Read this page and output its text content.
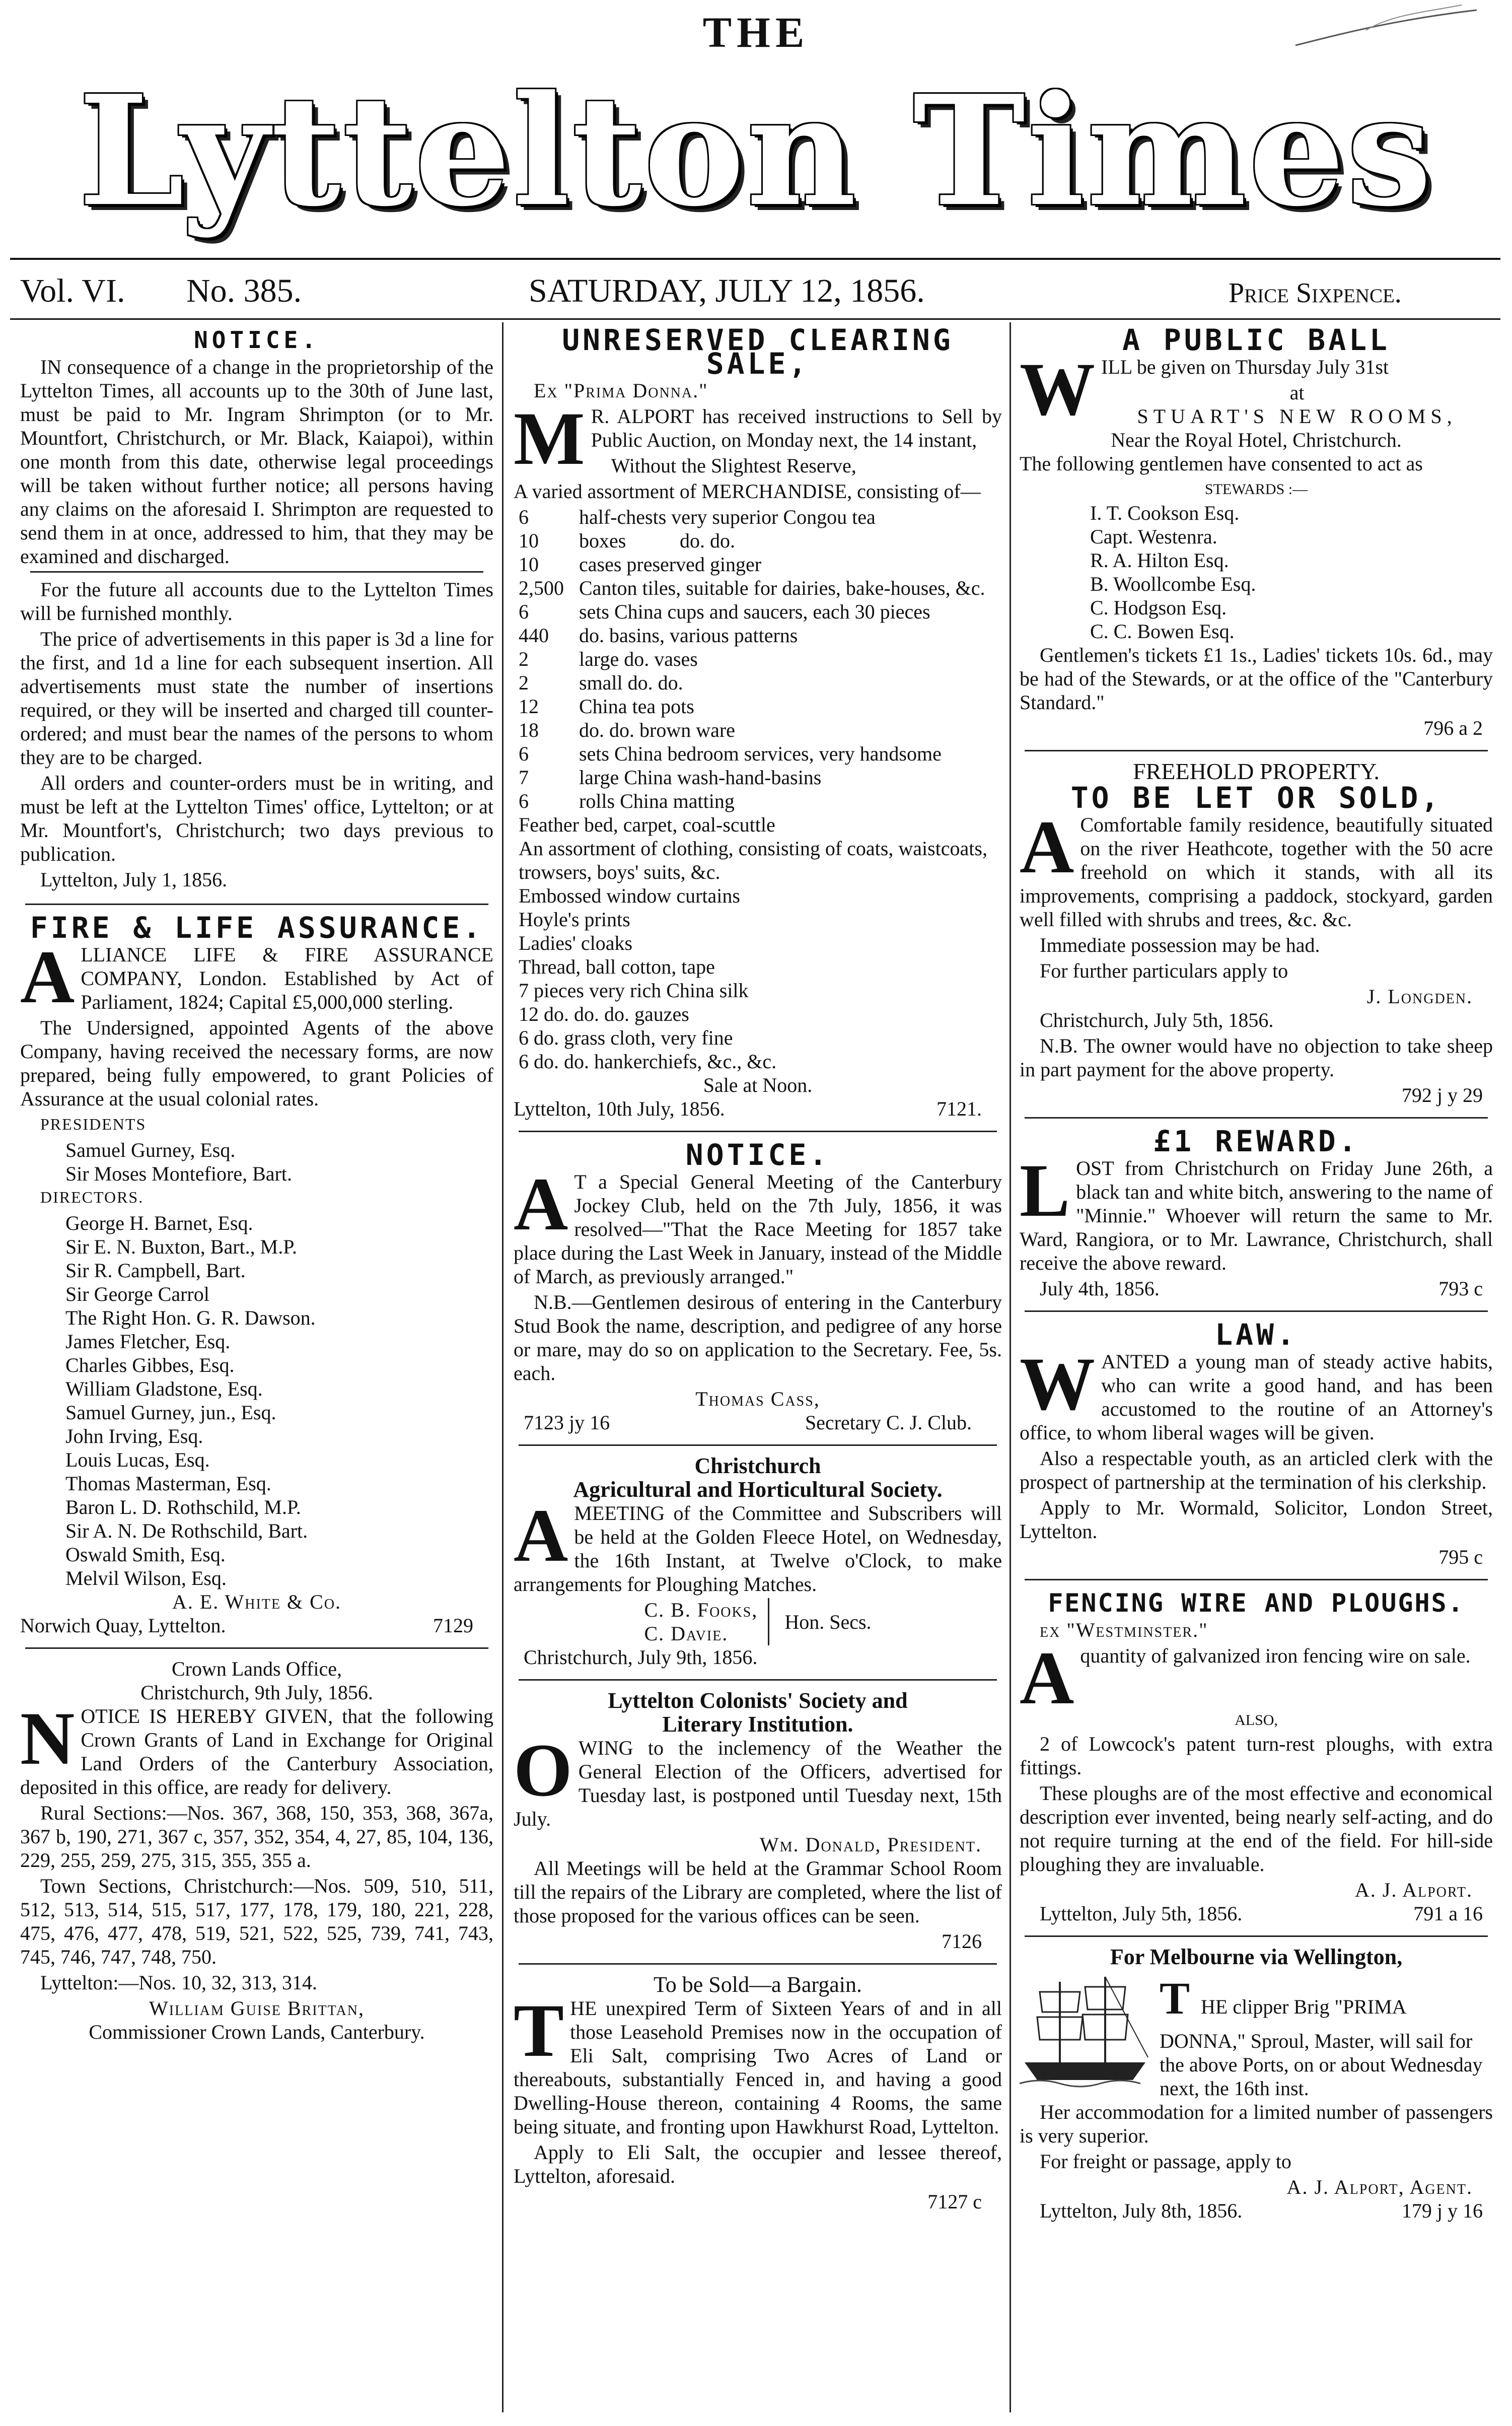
THE
Lyttelton Times
Vol. VI. No. 385.	SATURDAY, JULY 12, 1856.	Price Sixpence.
NOTICE.

IN consequence of a change in the proprietorship of the Lyttelton Times, all accounts up to the 30th of June last, must be paid to Mr. Ingram Shrimpton (or to Mr. Mountfort, Christchurch, or Mr. Black, Kaiapoi), within one month from this date, otherwise legal proceedings will be taken without further notice; all persons having any claims on the aforesaid I. Shrimpton are requested to send them in at once, addressed to him, that they may be examined and discharged.

For the future all accounts due to the Lyttelton Times will be furnished monthly.

The price of advertisements in this paper is 3d a line for the first, and 1d a line for each subsequent insertion. All advertisements must state the number of insertions required, or they will be inserted and charged till counter-ordered; and must bear the names of the persons to whom they are to be charged.

All orders and counter-orders must be in writing, and must be left at the Lyttelton Times' office, Lyttelton; or at Mr. Mountfort's, Christchurch; two days previous to publication.

Lyttelton, July 1, 1856.

FIRE & LIFE ASSURANCE.
A LLIANCE LIFE & FIRE ASSURANCE COMPANY, London. Established by Act of Parliament, 1824; Capital £5,000,000 sterling.

The Undersigned, appointed Agents of the above Company, having received the necessary forms, are now prepared, being fully empowered, to grant Policies of Assurance at the usual colonial rates.

PRESIDENTS

Samuel Gurney, Esq.
Sir Moses Montefiore, Bart.

DIRECTORS.

George H. Barnet, Esq.
Sir E. N. Buxton, Bart., M.P.
Sir R. Campbell, Bart.
Sir George Carrol
The Right Hon. G. R. Dawson.
James Fletcher, Esq.
Charles Gibbes, Esq.
William Gladstone, Esq.
Samuel Gurney, jun., Esq.
John Irving, Esq.
Louis Lucas, Esq.
Thomas Masterman, Esq.
Baron L. D. Rothschild, M.P.
Sir A. N. De Rothschild, Bart.
Oswald Smith, Esq.
Melvil Wilson, Esq.
A. E. White & Co.
Norwich Quay, Lyttelton.	7129
Crown Lands Office,
Christchurch, 9th July, 1856.
N OTICE IS HEREBY GIVEN, that the following Crown Grants of Land in Exchange for Original Land Orders of the Canterbury Association, deposited in this office, are ready for delivery.

Rural Sections:—Nos. 367, 368, 150, 353, 368, 367a, 367 b, 190, 271, 367 c, 357, 352, 354, 4, 27, 85, 104, 136, 229, 255, 259, 275, 315, 355, 355 a.

Town Sections, Christchurch:—Nos. 509, 510, 511, 512, 513, 514, 515, 517, 177, 178, 179, 180, 221, 228, 475, 476, 477, 478, 519, 521, 522, 525, 739, 741, 743, 745, 746, 747, 748, 750.

Lyttelton:—Nos. 10, 32, 313, 314.

William Guise Brittan,
Commissioner Crown Lands, Canterbury.
UNRESERVED CLEARING SALE,

Ex "Prima Donna."

M R. ALPORT has received instructions to Sell by Public Auction, on Monday next, the 14 instant,

Without the Slightest Reserve,

A varied assortment of MERCHANDISE, consisting of—

6	half-chests very superior Congou tea
10	boxes	do. do.
10	cases preserved ginger
2,500 Canton tiles, suitable for dairies, bake-houses, &c.
6	sets China cups and saucers, each 30 pieces
440	do. basins, various patterns
2	large do. vases
2	small do. do.
12	China tea pots
18	do. do. brown ware
6	sets China bedroom services, very handsome
7	large China wash-hand-basins
6	rolls China matting
Feather bed, carpet, coal-scuttle
An assortment of clothing, consisting of coats, waistcoats, trowsers, boys' suits, &c.
Embossed window curtains
Hoyle's prints
Ladies' cloaks
Thread, ball cotton, tape
7 pieces very rich China silk
12 do. do. do. gauzes
6 do. grass cloth, very fine
6 do. do. hankerchiefs, &c., &c.
Sale at Noon.
Lyttelton, 10th July, 1856.	7121.
NOTICE.
A T a Special General Meeting of the Canterbury Jockey Club, held on the 7th July, 1856, it was resolved—"That the Race Meeting for 1857 take place during the Last Week in January, instead of the Middle of March, as previously arranged."

N.B.—Gentlemen desirous of entering in the Canterbury Stud Book the name, description, and pedigree of any horse or mare, may do so on application to the Secretary. Fee, 5s. each.

Thomas Cass,
7123 jy 16	Secretary C. J. Club.
Christchurch
Agricultural and Horticultural Society.
A MEETING of the Committee and Subscribers will be held at the Golden Fleece Hotel, on Wednesday, the 16th Instant, at Twelve o'Clock, to make arrangements for Ploughing Matches.

C. B. Fooks,
C. Davie.
Hon. Secs.
Christchurch, July 9th, 1856.
Lyttelton Colonists' Society and
Literary Institution.
O WING to the inclemency of the Weather the General Election of the Officers, advertised for Tuesday last, is postponed until Tuesday next, 15th July.

Wm. Donald, President.

All Meetings will be held at the Grammar School Room till the repairs of the Library are completed, where the list of those proposed for the various offices can be seen.

7126
To be Sold—a Bargain.
T HE unexpired Term of Sixteen Years of and in all those Leasehold Premises now in the occupation of Eli Salt, comprising Two Acres of Land or thereabouts, substantially Fenced in, and having a good Dwelling-House thereon, containing 4 Rooms, the same being situate, and fronting upon Hawkhurst Road, Lyttelton.

Apply to Eli Salt, the occupier and lessee thereof, Lyttelton, aforesaid.

7127 c
A PUBLIC BALL
W ILL be given on Thursday July 31st

at
STUART'S NEW ROOMS,
Near the Royal Hotel, Christchurch.

The following gentlemen have consented to act as

STEWARDS :—
I. T. Cookson Esq.
Capt. Westenra.
R. A. Hilton Esq.
B. Woollcombe Esq.
C. Hodgson Esq.
C. C. Bowen Esq.

Gentlemen's tickets £1 1s., Ladies' tickets 10s. 6d., may be had of the Stewards, or at the office of the "Canterbury Standard."

796 a 2
FREEHOLD PROPERTY.
TO BE LET OR SOLD,
A Comfortable family residence, beautifully situated on the river Heathcote, together with the 50 acre freehold on which it stands, with all its improvements, comprising a paddock, stockyard, garden well filled with shrubs and trees, &c. &c.

Immediate possession may be had.

For further particulars apply to

J. Longden.

Christchurch, July 5th, 1856.

N.B. The owner would have no objection to take sheep in part payment for the above property.

792 j y 29
£1 REWARD.
L OST from Christchurch on Friday June 26th, a black tan and white bitch, answering to the name of "Minnie." Whoever will return the same to Mr. Ward, Rangiora, or to Mr. Lawrance, Christchurch, shall receive the above reward.

July 4th, 1856.	793 c
LAW.
W ANTED a young man of steady active habits, who can write a good hand, and has been accustomed to the routine of an Attorney's office, to whom liberal wages will be given.

Also a respectable youth, as an articled clerk with the prospect of partnership at the termination of his clerkship.

Apply to Mr. Wormald, Solicitor, London Street, Lyttelton.

795 c
FENCING WIRE AND PLOUGHS.

ex "Westminster."

A quantity of galvanized iron fencing wire on sale.

ALSO,

2 of Lowcock's patent turn-rest ploughs, with extra fittings.

These ploughs are of the most effective and economical description ever invented, being nearly self-acting, and do not require turning at the end of the field. For hill-side ploughing they are invaluable.

A. J. Alport.
Lyttelton, July 5th, 1856.	791 a 16
For Melbourne via Wellington,
T HE clipper Brig "PRIMA DONNA," Sproul, Master, will sail for the above Ports, on or about Wednesday next, the 16th inst.

Her accommodation for a limited number of passengers is very superior.

For freight or passage, apply to

A. J. Alport, Agent.
Lyttelton, July 8th, 1856.	179 j y 16
